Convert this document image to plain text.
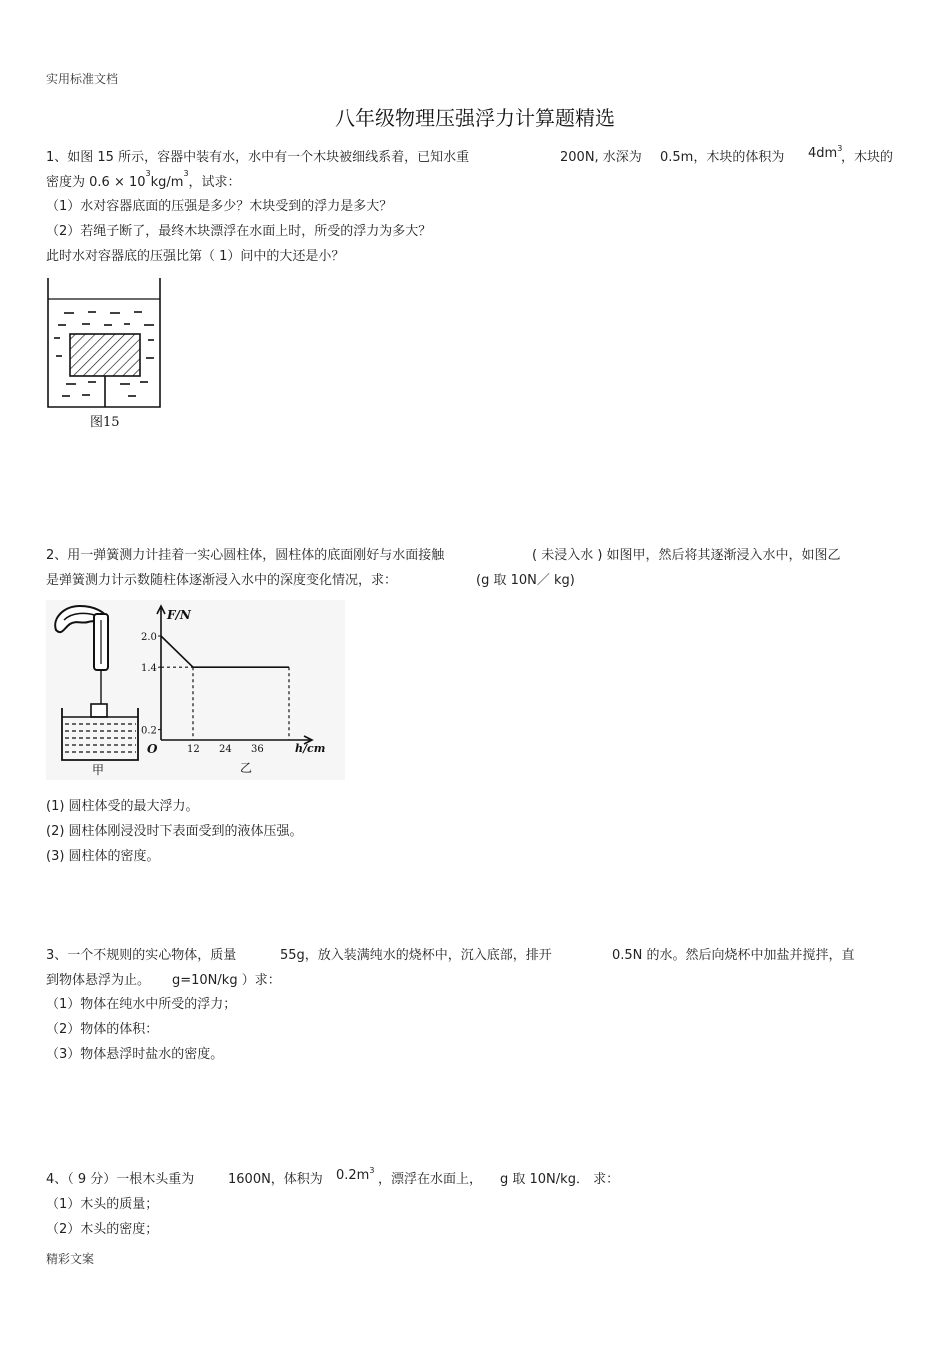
实用标准文档
八年级物理压强浮力计算题精选
1、如图 15 所示，容器中装有水，水中有一个木块被细线系着，已知水重	200N, 水深为 0.5m，木块的体积为 $4dm^3$
，木块的
密度为 $0.6 \times 10^3kg/m^3$，试求：
（1）水对容器底面的压强是多少？木块受到的浮力是多大？
（2）若绳子断了，最终木块漂浮在水面上时，所受的浮力为多大？
此时水对容器底的压强比第（ 1）问中的大还是小？
图15
2、用一弹簧测力计挂着一实心圆柱体，圆柱体的底面刚好与水面接触	( 未浸入水 ) 如图甲，然后将其逐渐浸入水中，如图乙
是弹簧测力计示数随柱体逐渐浸入水中的深度变化情况，求：	(g 取 10N／ kg)
甲
F/N
h/cm
O
2.0
1.4
0.2
12 24 36
乙
(1) 圆柱体受的最大浮力。
(2) 圆柱体刚浸没时下表面受到的液体压强。
(3) 圆柱体的密度。
3、一个不规则的实心物体，质量	55g，放入装满纯水的烧杯中，沉入底部，排开	0.5N 的水。然后向烧杯中加盐并搅拌，直
到物体悬浮为止。 g=10N/kg ）求：
（1）物体在纯水中所受的浮力；
（2）物体的体积：
（3）物体悬浮时盐水的密度。
4、（ 9 分）一根木头重为	1600N，体积为 $0.2m^3$
，漂浮在水面上， g 取 10N/kg． 求：
（1）木头的质量；
（2）木头的密度；
精彩文案
